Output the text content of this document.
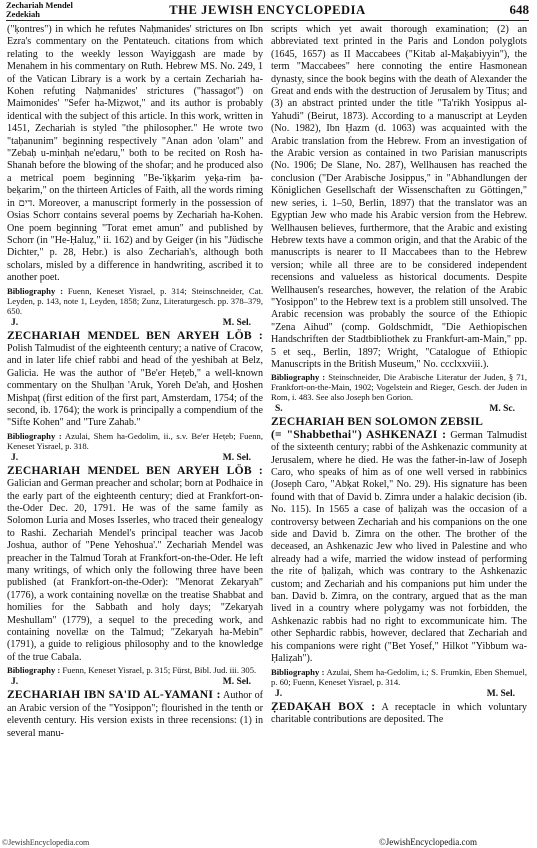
Zechariah Mendel
Zedekiah	THE JEWISH ENCYCLOPEDIA	648

("ḳontres") in which he refutes Naḥmanides' strictures on Ibn Ezra's commentary on the Pentateuch. citations from which relating to the weekly lesson Wayiggash are made by Menahem in his commentary on Ruth. Hebrew MS. No. 249, 1 of the Vatican Library is a work by a certain Zechariah ha-Kohen refuting Naḥmanides' strictures ("hassagot") on Maimonides' "Sefer ha-Miẓwot," and its author is probably identical with the subject of this article. In this work, written in 1451, Zechariah is styled "the philosopher." He wrote two "taḥanunim" beginning respectively "Anan adon 'olam" and "Zebaḥ u-minḥah ne'edaru," both to be recited on Rosh ha-Shanah before the blowing of the shofar; and he produced also a metrical poem beginning "Be-'iḳḳarim yeḳa-rim ḥa-beḳarim," on the thirteen Articles of Faith, all the words riming in דים. Moreover, a manuscript formerly in the possession of Osias Schorr contains several poems by Zechariah ha-Kohen. One poem beginning "Torat emet amun" and published by Schorr (in "He-Ḥaluẓ," ii. 162) and by Geiger (in his "Jüdische Dichter," p. 28, Hebr.) is also Zechariah's, although both scholars, misled by a difference in handwriting, ascribed it to another poet.

Bibliography : Fuenn, Keneset Yisrael, p. 314; Steinschneider, Cat. Leyden, p. 143, note 1, Leyden, 1858; Zunz, Literaturgesch. pp. 378–379, 650.

J.	M. Sel.

ZECHARIAH MENDEL BEN ARYEH LÖB : Polish Talmudist of the eighteenth century; a native of Cracow, and in later life chief rabbi and head of the yeshibah at Belz, Galicia. He was the author of "Be'er Heṭeb," a well-known commentary on the Shulḥan 'Aruk, Yoreh De'ah, and Ḥoshen Mishpaṭ (first edition of the first part, Amsterdam, 1754; of the second, ib. 1764); the work is principally a compendium of the "Sifte Kohen" and "Ture Zahab."

Bibliography : Azulai, Shem ha-Gedolim, ii., s.v. Be'er Heṭeb; Fuenn, Keneset Yisrael, p. 318.

J.	M. Sel.

ZECHARIAH MENDEL BEN ARYEH LÖB : Galician and German preacher and scholar; born at Podhaice in the early part of the eighteenth century; died at Frankfort-on-the-Oder Dec. 20, 1791. He was of the same family as Solomon Luria and Moses Isserles, who traced their genealogy to Rashi. Zechariah Mendel's principal teacher was Jacob Joshua, author of "Pene Yehoshua'." Zechariah Mendel was preacher in the Talmud Torah at Frankfort-on-the-Oder. He left many writings, of which only the following three have been published (at Frankfort-on-the-Oder): "Menorat Zekaryah" (1776), a work containing novellæ on the treatise Shabbat and homilies for the Sabbath and holy days; "Zekaryah Meshullam" (1779), a sequel to the preceding work, and containing novellæ on the Talmud; "Zekaryah ha-Mebin" (1791), a guide to religious philosophy and to the knowledge of the true Cabala.

Bibliography : Fuenn, Keneset Yisrael, p. 315; Fürst, Bibl. Jud. iii. 305.

J.	M. Sel.

ZECHARIAH IBN SA'ID AL-YAMANI : Author of an Arabic version of the "Yosippon"; flourished in the tenth or eleventh century. His version exists in three recensions: (1) in several manu-

scripts which yet await thorough examination; (2) an abbreviated text printed in the Paris and London polyglots (1645, 1657) as II Maccabees ("Kitab al-Maḳabiyyin"), the term "Maccabees" here connoting the entire Hasmonean dynasty, since the book begins with the death of Alexander the Great and ends with the destruction of Jerusalem by Titus; and (3) an abstract printed under the title "Ta'rikh Yosippus al-Yahudi" (Beirut, 1873). According to a manuscript at Leyden (No. 1982), Ibn Ḥazm (d. 1063) was acquainted with the Arabic translation from the Hebrew. From an investigation of the Arabic version as contained in two Parisian manuscripts (No. 1906; De Slane, No. 287), Wellhausen has reached the conclusion ("Der Arabische Josippus," in "Abhandlungen der Königlichen Gesellschaft der Wissenschaften zu Göttingen," new series, i. 1–50, Berlin, 1897) that the translator was an Egyptian Jew who made his Arabic version from the Hebrew. Wellhausen believes, furthermore, that the Arabic and existing Hebrew texts have a common origin, and that the Arabic of the manuscripts is nearer to II Maccabees than to the Hebrew version; while all three are to be considered independent recensions and valueless as historical documents. Despite Wellhausen's researches, however, the relation of the Arabic "Yosippon" to the Hebrew text is a problem still unsolved. The Arabic recension was probably the source of the Ethiopic "Zena Aihud" (comp. Goldschmidt, "Die Aethiopischen Handschriften der Stadtbibliothek zu Frankfurt-am-Main," pp. 5 et seq., Berlin, 1897; Wright, "Catalogue of Ethiopic Manuscripts in the British Museum," No. ccclxxviii.).

Bibliography : Steinschneider, Die Arabische Literatur der Juden, § 71, Frankfort-on-the-Main, 1902; Vogelstein and Rieger, Gesch. der Juden in Rom, i. 483. See also Joseph ben Gorion.

S.	M. Sc.

ZECHARIAH BEN SOLOMON ZEBSIL

(= "Shabbethai") ASHKENAZI : German Talmudist of the sixteenth century; rabbi of the Ashkenazic community at Jerusalem, where he died. He was the father-in-law of Joseph Caro, who speaks of him as of one well versed in rabbinics (Joseph Caro, "Abḳat Rokel," No. 29). His signature has been found with that of David b. Zimra under a halakic decision (ib. No. 115). In 1565 a case of ḥaliẓah was the occasion of a controversy between Zechariah and his companions on the one side and David b. Zimra on the other. The brother of the deceased, an Ashkenazic Jew who lived in Palestine and who already had a wife, married the widow instead of performing the rite of ḥaliẓah, which was contrary to the Ashkenazic custom; and Zechariah and his companions put him under the ban. David b. Zimra, on the contrary, argued that as the man lived in a country where polygamy was not forbidden, the Ashkenazic rabbis had no right to excommunicate him. The other Sephardic rabbis, however, declared that Zechariah and his companions were right ("Bet Yosef," Hilkot "Yibbum wa-Ḥaliẓah").

Bibliography : Azulai, Shem ha-Gedolim, i.; S. Frumkin, Eben Shemuel, p. 60; Fuenn, Keneset Yisrael, p. 314.

J.	M. Sel.

ẒEDAḲAH BOX : A receptacle in which voluntary charitable contributions are deposited. The

©JewishEncyclopedia.com	©JewishEncyclopedia.com
